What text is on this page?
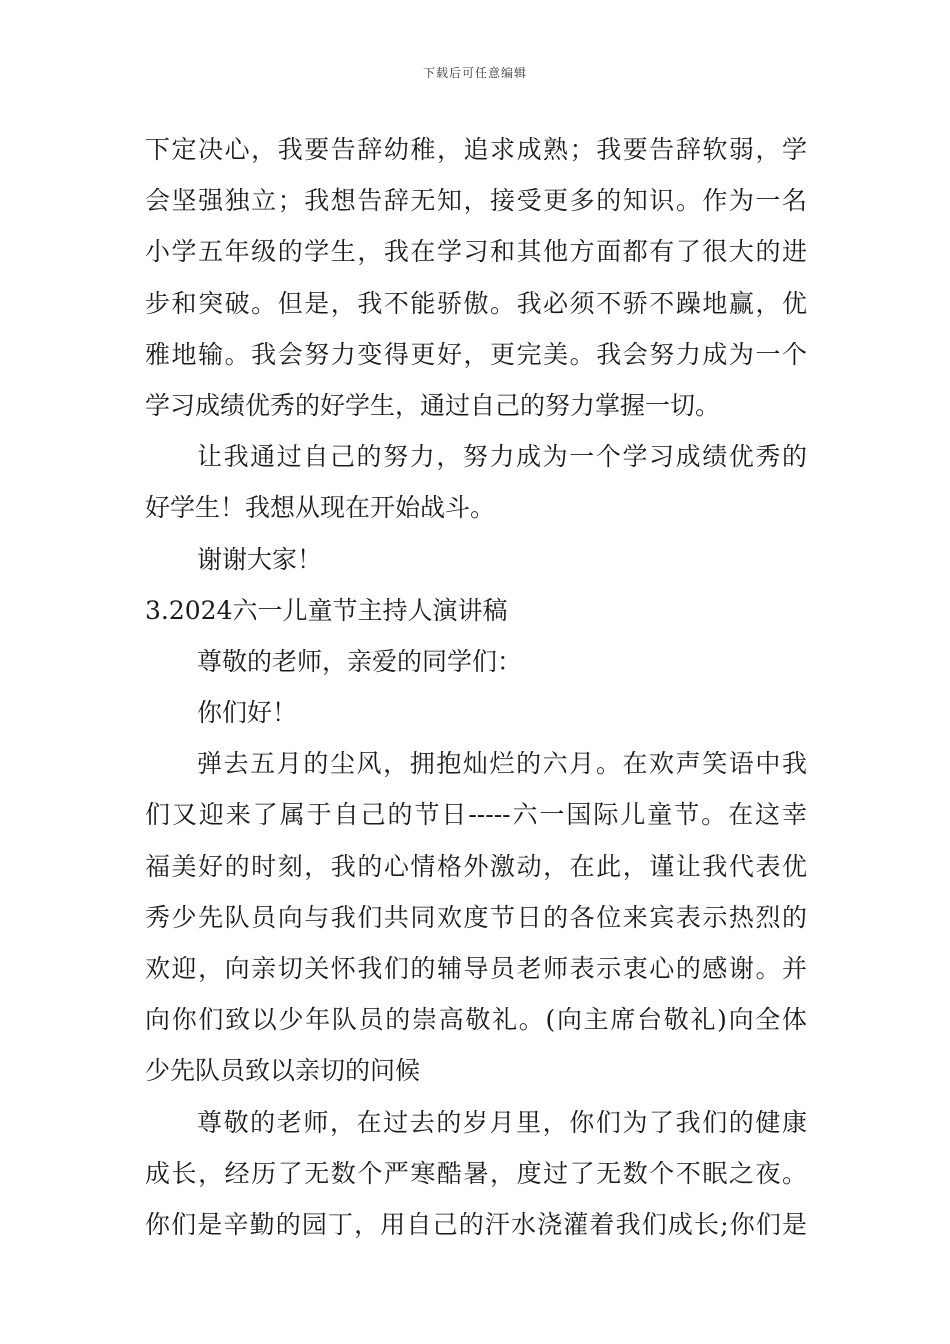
下载后可任意编辑
下定决心，我要告辞幼稚，追求成熟；我要告辞软弱，学
会坚强独立；我想告辞无知，接受更多的知识。作为一名
小学五年级的学生，我在学习和其他方面都有了很大的进
步和突破。但是，我不能骄傲。我必须不骄不躁地赢，优
雅地输。我会努力变得更好，更完美。我会努力成为一个
学习成绩优秀的好学生，通过自己的努力掌握一切。
让我通过自己的努力，努力成为一个学习成绩优秀的
好学生！我想从现在开始战斗。
谢谢大家！
3.2024六一儿童节主持人演讲稿
尊敬的老师，亲爱的同学们：
你们好！
弹去五月的尘风，拥抱灿烂的六月。在欢声笑语中我
们又迎来了属于自己的节日-----六一国际儿童节。在这幸
福美好的时刻，我的心情格外激动，在此，谨让我代表优
秀少先队员向与我们共同欢度节日的各位来宾表示热烈的
欢迎，向亲切关怀我们的辅导员老师表示衷心的感谢。并
向你们致以少年队员的崇高敬礼。(向主席台敬礼)向全体
少先队员致以亲切的问候
尊敬的老师，在过去的岁月里，你们为了我们的健康
成长，经历了无数个严寒酷暑，度过了无数个不眠之夜。
你们是辛勤的园丁，用自己的汗水浇灌着我们成长;你们是
